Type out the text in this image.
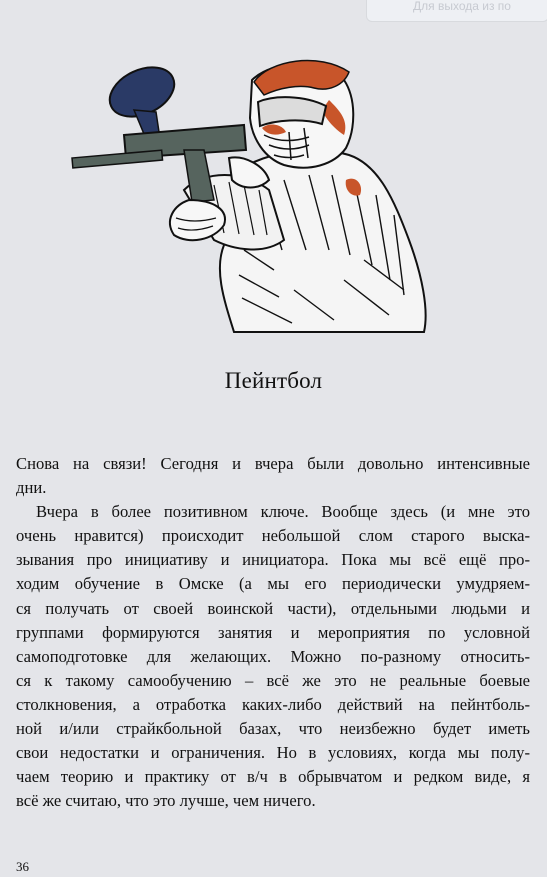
Для выхода из по
Пейнтбол
Снова на связи! Сегодня и вчера были довольно интенсивные
дни.
Вчера в более позитивном ключе. Вообще здесь (и мне это
очень нравится) происходит небольшой слом старого выска-
зывания про инициативу и инициатора. Пока мы всё ещё про-
ходим обучение в Омске (а мы его периодически умудряем-
ся получать от своей воинской части), отдельными людьми и
группами формируются занятия и мероприятия по условной
самоподготовке для желающих. Можно по-разному относить-
ся к такому самообучению – всё же это не реальные боевые
столкновения, а отработка каких-либо действий на пейнтболь-
ной и/или страйкбольной базах, что неизбежно будет иметь
свои недостатки и ограничения. Но в условиях, когда мы полу-
чаем теорию и практику от в/ч в обрывчатом и редком виде, я
всё же считаю, что это лучше, чем ничего.
36
